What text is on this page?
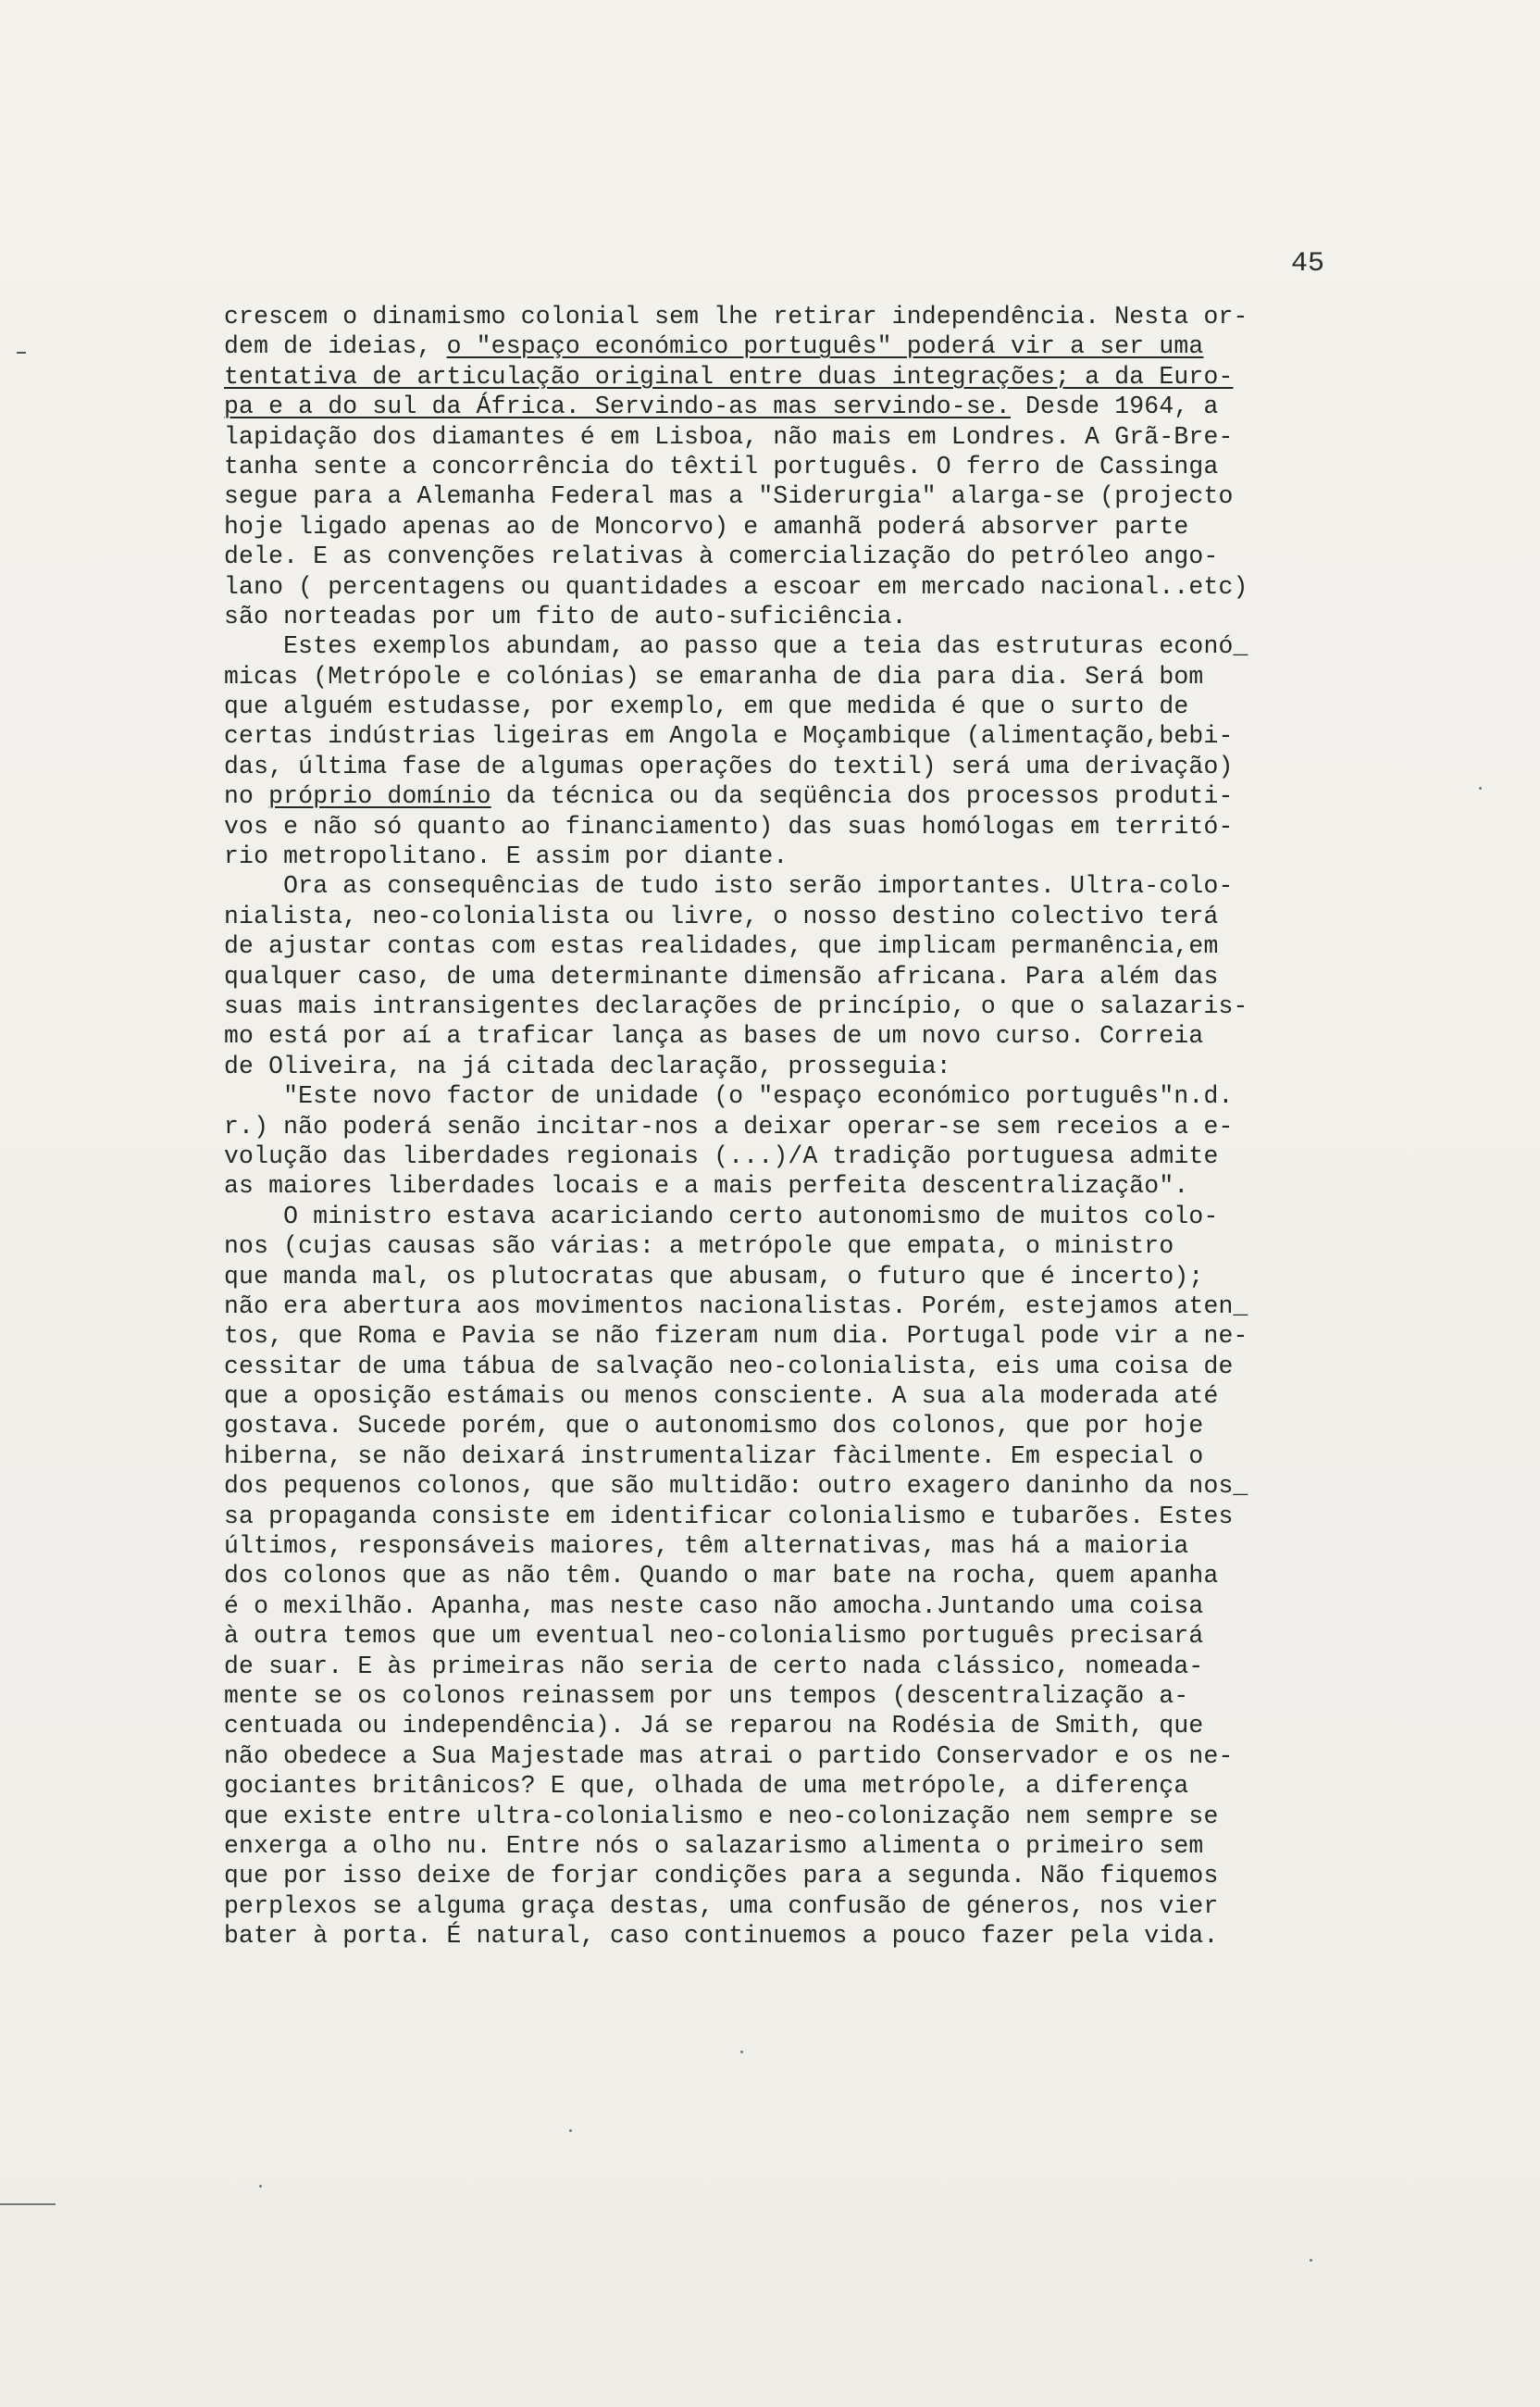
45
crescem o dinamismo colonial sem lhe retirar independência. Nesta or-
dem de ideias, o "espaço económico português" poderá vir a ser uma
tentativa de articulação original entre duas integrações; a da Euro-
pa e a do sul da África. Servindo-as mas servindo-se. Desde 1964, a
lapidação dos diamantes é em Lisboa, não mais em Londres. A Grã-Bre-
tanha sente a concorrência do têxtil português. O ferro de Cassinga
segue para a Alemanha Federal mas a "Siderurgia" alarga-se (projecto
hoje ligado apenas ao de Moncorvo) e amanhã poderá absorver parte
dele. E as convenções relativas à comercialização do petróleo ango-
lano ( percentagens ou quantidades a escoar em mercado nacional..etc)
são norteadas por um fito de auto-suficiência.
Estes exemplos abundam, ao passo que a teia das estruturas econó_
micas (Metrópole e colónias) se emaranha de dia para dia. Será bom
que alguém estudasse, por exemplo, em que medida é que o surto de
certas indústrias ligeiras em Angola e Moçambique (alimentação,bebi-
das, última fase de algumas operações do textil) será uma derivação)
no próprio domínio da técnica ou da seqüência dos processos produti-
vos e não só quanto ao financiamento) das suas homólogas em territó-
rio metropolitano. E assim por diante.
Ora as consequências de tudo isto serão importantes. Ultra-colo-
nialista, neo-colonialista ou livre, o nosso destino colectivo terá
de ajustar contas com estas realidades, que implicam permanência,em
qualquer caso, de uma determinante dimensão africana. Para além das
suas mais intransigentes declarações de princípio, o que o salazaris-
mo está por aí a traficar lança as bases de um novo curso. Correia
de Oliveira, na já citada declaração, prosseguia:
"Este novo factor de unidade (o "espaço económico português"n.d.
r.) não poderá senão incitar-nos a deixar operar-se sem receios a e-
volução das liberdades regionais (...)/A tradição portuguesa admite
as maiores liberdades locais e a mais perfeita descentralização".
O ministro estava acariciando certo autonomismo de muitos colo-
nos (cujas causas são várias: a metrópole que empata, o ministro
que manda mal, os plutocratas que abusam, o futuro que é incerto);
não era abertura aos movimentos nacionalistas. Porém, estejamos aten_
tos, que Roma e Pavia se não fizeram num dia. Portugal pode vir a ne-
cessitar de uma tábua de salvação neo-colonialista, eis uma coisa de
que a oposição estámais ou menos consciente. A sua ala moderada até
gostava. Sucede porém, que o autonomismo dos colonos, que por hoje
hiberna, se não deixará instrumentalizar fàcilmente. Em especial o
dos pequenos colonos, que são multidão: outro exagero daninho da nos_
sa propaganda consiste em identificar colonialismo e tubarões. Estes
últimos, responsáveis maiores, têm alternativas, mas há a maioria
dos colonos que as não têm. Quando o mar bate na rocha, quem apanha
é o mexilhão. Apanha, mas neste caso não amocha.Juntando uma coisa
à outra temos que um eventual neo-colonialismo português precisará
de suar. E às primeiras não seria de certo nada clássico, nomeada-
mente se os colonos reinassem por uns tempos (descentralização a-
centuada ou independência). Já se reparou na Rodésia de Smith, que
não obedece a Sua Majestade mas atrai o partido Conservador e os ne-
gociantes britânicos? E que, olhada de uma metrópole, a diferença
que existe entre ultra-colonialismo e neo-colonização nem sempre se
enxerga a olho nu. Entre nós o salazarismo alimenta o primeiro sem
que por isso deixe de forjar condições para a segunda. Não fiquemos
perplexos se alguma graça destas, uma confusão de géneros, nos vier
bater à porta. É natural, caso continuemos a pouco fazer pela vida.
